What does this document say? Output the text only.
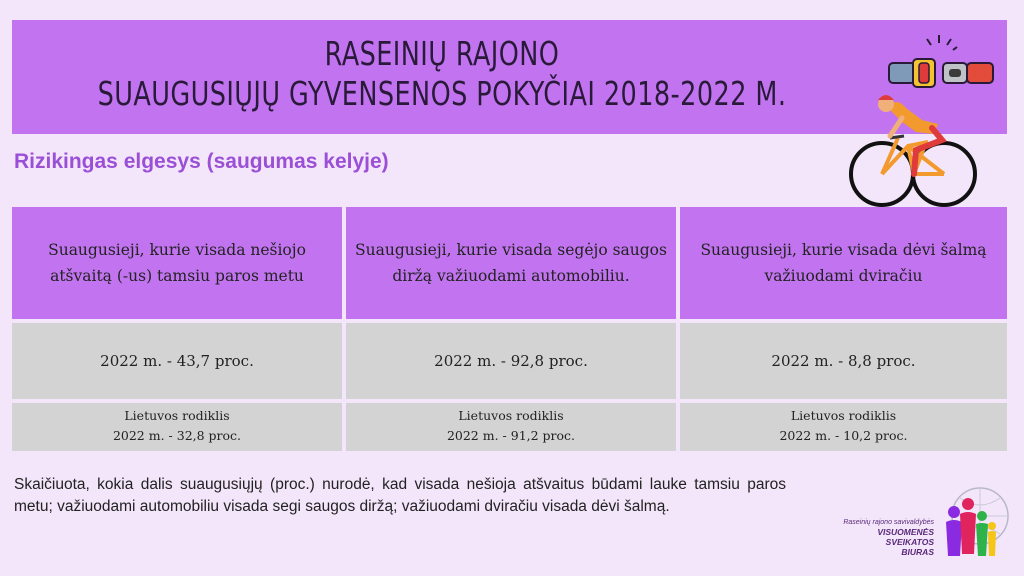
RASEINIŲ RAJONO
SUAUGUSIŲJŲ GYVENSENOS POKYČIAI 2018-2022 M.
Rizikingas elgesys (saugumas kelyje)
Suaugusieji, kurie visada nešiojo atšvaitą (-us) tamsiu paros metu
2022 m. - 43,7 proc.
Lietuvos rodiklis
2022 m. - 32,8 proc.
Suaugusieji, kurie visada segėjo saugos diržą važiuodami automobiliu.
2022 m. - 92,8 proc.
Lietuvos rodiklis
2022 m. - 91,2 proc.
Suaugusieji, kurie visada dėvi šalmą važiuodami dviračiu
2022 m. - 8,8 proc.
Lietuvos rodiklis
2022 m. - 10,2 proc.
Skaičiuota, kokia dalis suaugusiųjų (proc.) nurodė, kad visada nešioja atšvaitus būdami lauke tamsiu paros metu; važiuodami automobiliu visada segi saugos diržą; važiuodami dviračiu visada dėvi šalmą.
Raseinių rajono savivaldybės
VISUOMENĖS
SVEIKATOS
BIURAS
